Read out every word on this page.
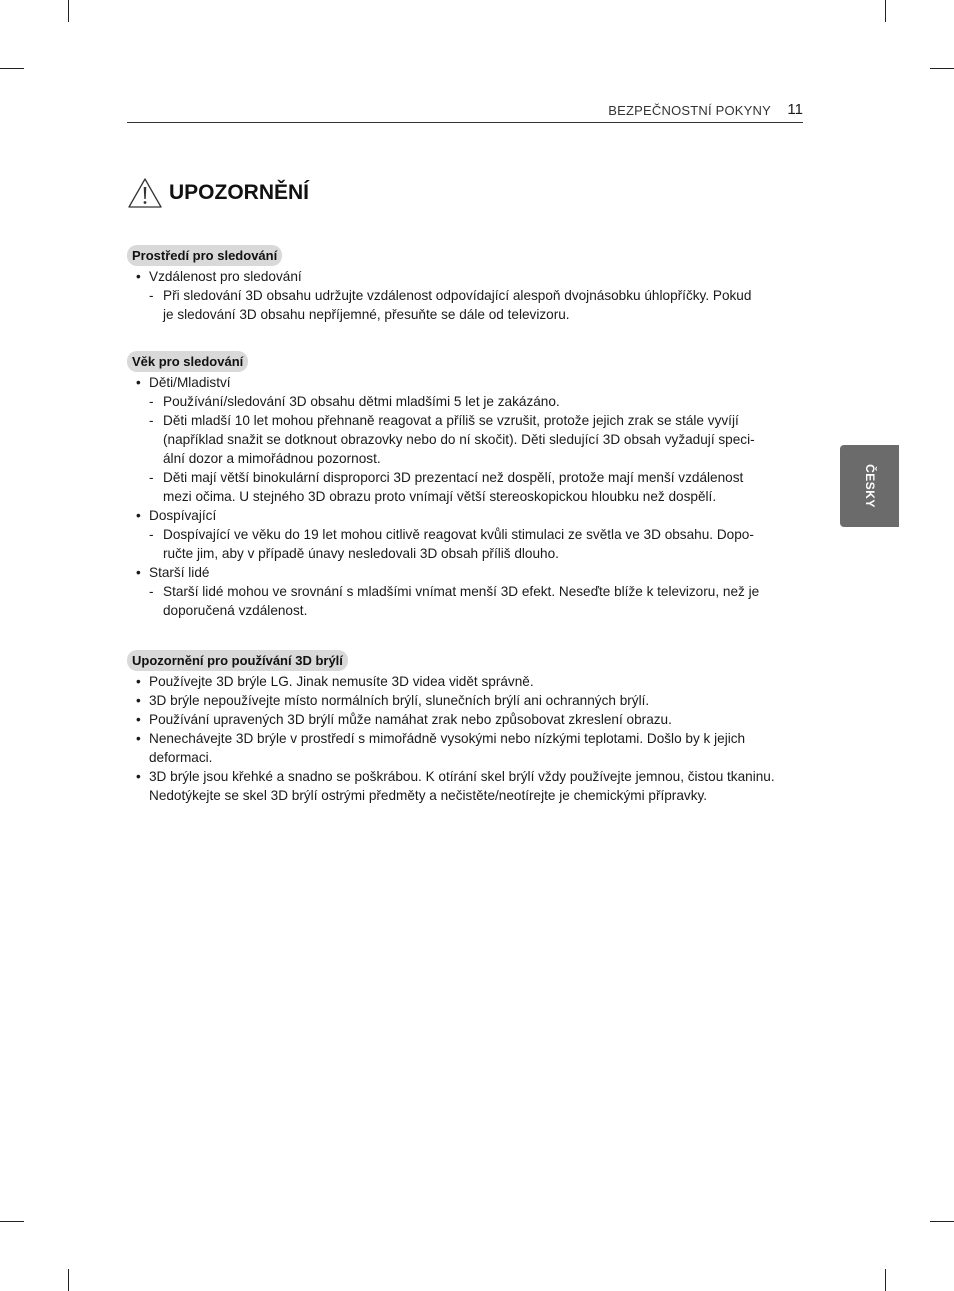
BEZPEČNOSTNÍ POKYNY 11
UPOZORNĚNÍ
Prostředí pro sledování
• Vzdálenost pro sledování
- Při sledování 3D obsahu udržujte vzdálenost odpovídající alespoň dvojnásobku úhlopříčky. Pokud
je sledování 3D obsahu nepříjemné, přesuňte se dále od televizoru.
Věk pro sledování
• Děti/Mladiství
- Používání/sledování 3D obsahu dětmi mladšími 5 let je zakázáno.
- Děti mladší 10 let mohou přehnaně reagovat a příliš se vzrušit, protože jejich zrak se stále vyvíjí
(například snažit se dotknout obrazovky nebo do ní skočit). Děti sledující 3D obsah vyžadují speci-
ální dozor a mimořádnou pozornost.
- Děti mají větší binokulární disproporci 3D prezentací než dospělí, protože mají menší vzdálenost
mezi očima. U stejného 3D obrazu proto vnímají větší stereoskopickou hloubku než dospělí.
• Dospívající
- Dospívající ve věku do 19 let mohou citlivě reagovat kvůli stimulaci ze světla ve 3D obsahu. Dopo-
ručte jim, aby v případě únavy nesledovali 3D obsah příliš dlouho.
• Starší lidé
- Starší lidé mohou ve srovnání s mladšími vnímat menší 3D efekt. Neseďte blíže k televizoru, než je
doporučená vzdálenost.
Upozornění pro používání 3D brýlí
• Používejte 3D brýle LG. Jinak nemusíte 3D videa vidět správně.
• 3D brýle nepoužívejte místo normálních brýlí, slunečních brýlí ani ochranných brýlí.
• Používání upravených 3D brýlí může namáhat zrak nebo způsobovat zkreslení obrazu.
• Nenechávejte 3D brýle v prostředí s mimořádně vysokými nebo nízkými teplotami. Došlo by k jejich
deformaci.
• 3D brýle jsou křehké a snadno se poškrábou. K otírání skel brýlí vždy používejte jemnou, čistou tkaninu.
Nedotýkejte se skel 3D brýlí ostrými předměty a nečistěte/neotírejte je chemickými přípravky.
ČESKY
